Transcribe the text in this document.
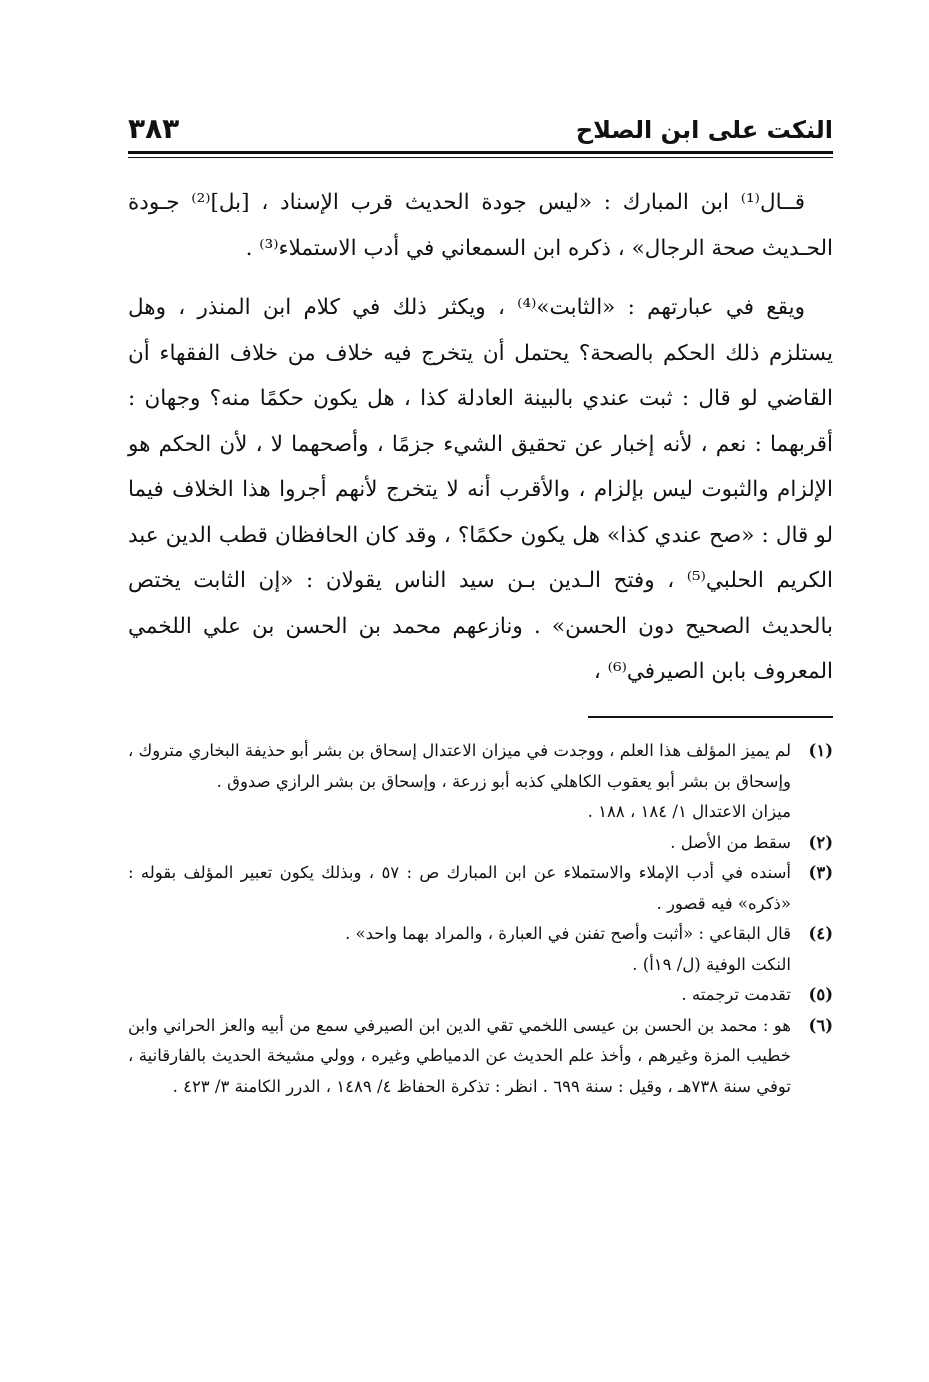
النكت على ابن الصلاح
٣٨٣

قــال⁽¹⁾ ابن المبارك : «ليس جودة الحديث قرب الإسناد ، [بل]⁽²⁾ جـودة الحـديث صحة الرجال» ، ذكره ابن السمعاني في أدب الاستملاء⁽³⁾ .

ويقع في عبارتهم : «الثابت»⁽⁴⁾ ، ويكثر ذلك في كلام ابن المنذر ، وهل يستلزم ذلك الحكم بالصحة؟ يحتمل أن يتخرج فيه خلاف من خلاف الفقهاء أن القاضي لو قال : ثبت عندي بالبينة العادلة كذا ، هل يكون حكمًا منه؟ وجهان : أقربهما : نعم ، لأنه إخبار عن تحقيق الشيء جزمًا ، وأصحهما لا ، لأن الحكم هو الإلزام والثبوت ليس بإلزام ، والأقرب أنه لا يتخرج لأنهم أجروا هذا الخلاف فيما لو قال : «صح عندي كذا» هل يكون حكمًا؟ ، وقد كان الحافظان قطب الدين عبد الكريم الحلبي⁽⁵⁾ ، وفتح الـدين بـن سيد الناس يقولان : «إن الثابت يختص بالحديث الصحيح دون الحسن» . ونازعهم محمد بن الحسن بن علي اللخمي المعروف بابن الصيرفي⁽⁶⁾ ،

(١)
لم يميز المؤلف هذا العلم ، ووجدت في ميزان الاعتدال إسحاق بن بشر أبو حذيفة البخاري متروك ، وإسحاق بن بشر أبو يعقوب الكاهلي كذبه أبو زرعة ، وإسحاق بن بشر الرازي صدوق .
ميزان الاعتدال ١/ ١٨٤ ، ١٨٨ .
(٢)
سقط من الأصل .
(٣)
أسنده في أدب الإملاء والاستملاء عن ابن المبارك ص : ٥٧ ، وبذلك يكون تعبير المؤلف بقوله : «ذكره» فيه قصور .
(٤)
قال البقاعي : «أثبت وأصح تفنن في العبارة ، والمراد بهما واحد» .
النكت الوفية (ل/ ١٩أ) .
(٥)
تقدمت ترجمته .
(٦)
هو : محمد بن الحسن بن عيسى اللخمي تقي الدين ابن الصيرفي سمع من أبيه والعز الحراني وابن خطيب المزة وغيرهم ، وأخذ علم الحديث عن الدمياطي وغيره ، وولي مشيخة الحديث بالفارقانية ، توفي سنة ٧٣٨هـ ، وقيل : سنة ٦٩٩ . انظر : تذكرة الحفاظ ٤/ ١٤٨٩ ، الدرر الكامنة ٣/ ٤٢٣ .
